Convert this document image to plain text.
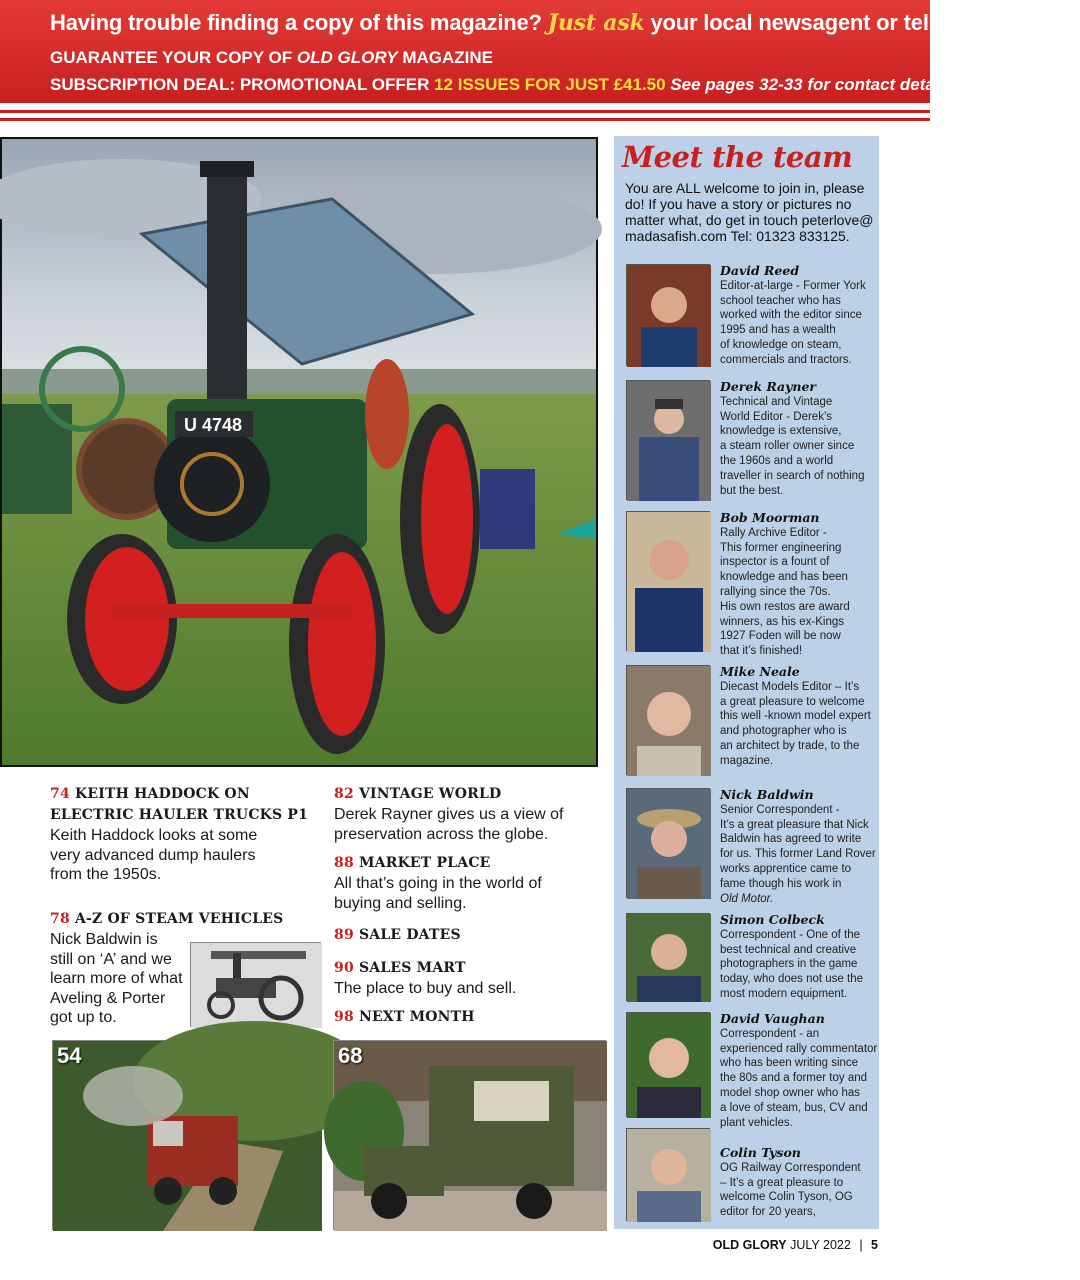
Having trouble finding a copy of this magazine? Just ask your local newsagent or tel: 01959 541444
GUARANTEE YOUR COPY OF OLD GLORY MAGAZINE
SUBSCRIPTION DEAL: PROMOTIONAL OFFER 12 ISSUES FOR JUST £41.50 See pages 32-33 for contact details
U 4748
74 KEITH HADDOCK ON
ELECTRIC HAULER TRUCKS P1
Keith Haddock looks at some
very advanced dump haulers
from the 1950s.
78 A-Z OF STEAM VEHICLES
Nick Baldwin is
still on ‘A’ and we
learn more of what
Aveling & Porter
got up to.
82 VINTAGE WORLD
Derek Rayner gives us a view of
preservation across the globe.
88 MARKET PLACE
All that’s going in the world of
buying and selling.
89 SALE DATES
90 SALES MART
The place to buy and sell.
98 NEXT MONTH
54	68
Meet the team
You are ALL welcome to join in, please
do! If you have a story or pictures no
matter what, do get in touch peterlove@
madasafish.com Tel: 01323 833125.
David Reed
Editor-at-large - Former York
school teacher who has
worked with the editor since
1995 and has a wealth
of knowledge on steam,
commercials and tractors.
Derek Rayner
Technical and Vintage
World Editor - Derek’s
knowledge is extensive,
a steam roller owner since
the 1960s and a world
traveller in search of nothing
but the best.
Bob Moorman
Rally Archive Editor -
This former engineering
inspector is a fount of
knowledge and has been
rallying since the 70s.
His own restos are award
winners, as his ex-Kings
1927 Foden will be now
that it’s finished!
Mike Neale
Diecast Models Editor – It’s
a great pleasure to welcome
this well -known model expert
and photographer who is
an architect by trade, to the
magazine.
Nick Baldwin
Senior Correspondent -
It’s a great pleasure that Nick
Baldwin has agreed to write
for us. This former Land Rover
works apprentice came to
fame though his work in
Old Motor.
Simon Colbeck
Correspondent - One of the
best technical and creative
photographers in the game
today, who does not use the
most modern equipment.
David Vaughan
Correspondent - an
experienced rally commentator
who has been writing since
the 80s and a former toy and
model shop owner who has
a love of steam, bus, CV and
plant vehicles.
Colin Tyson
OG Railway Correspondent
– It’s a great pleasure to
welcome Colin Tyson, OG
editor for 20 years,
OLD GLORY JULY 2022 | 5
